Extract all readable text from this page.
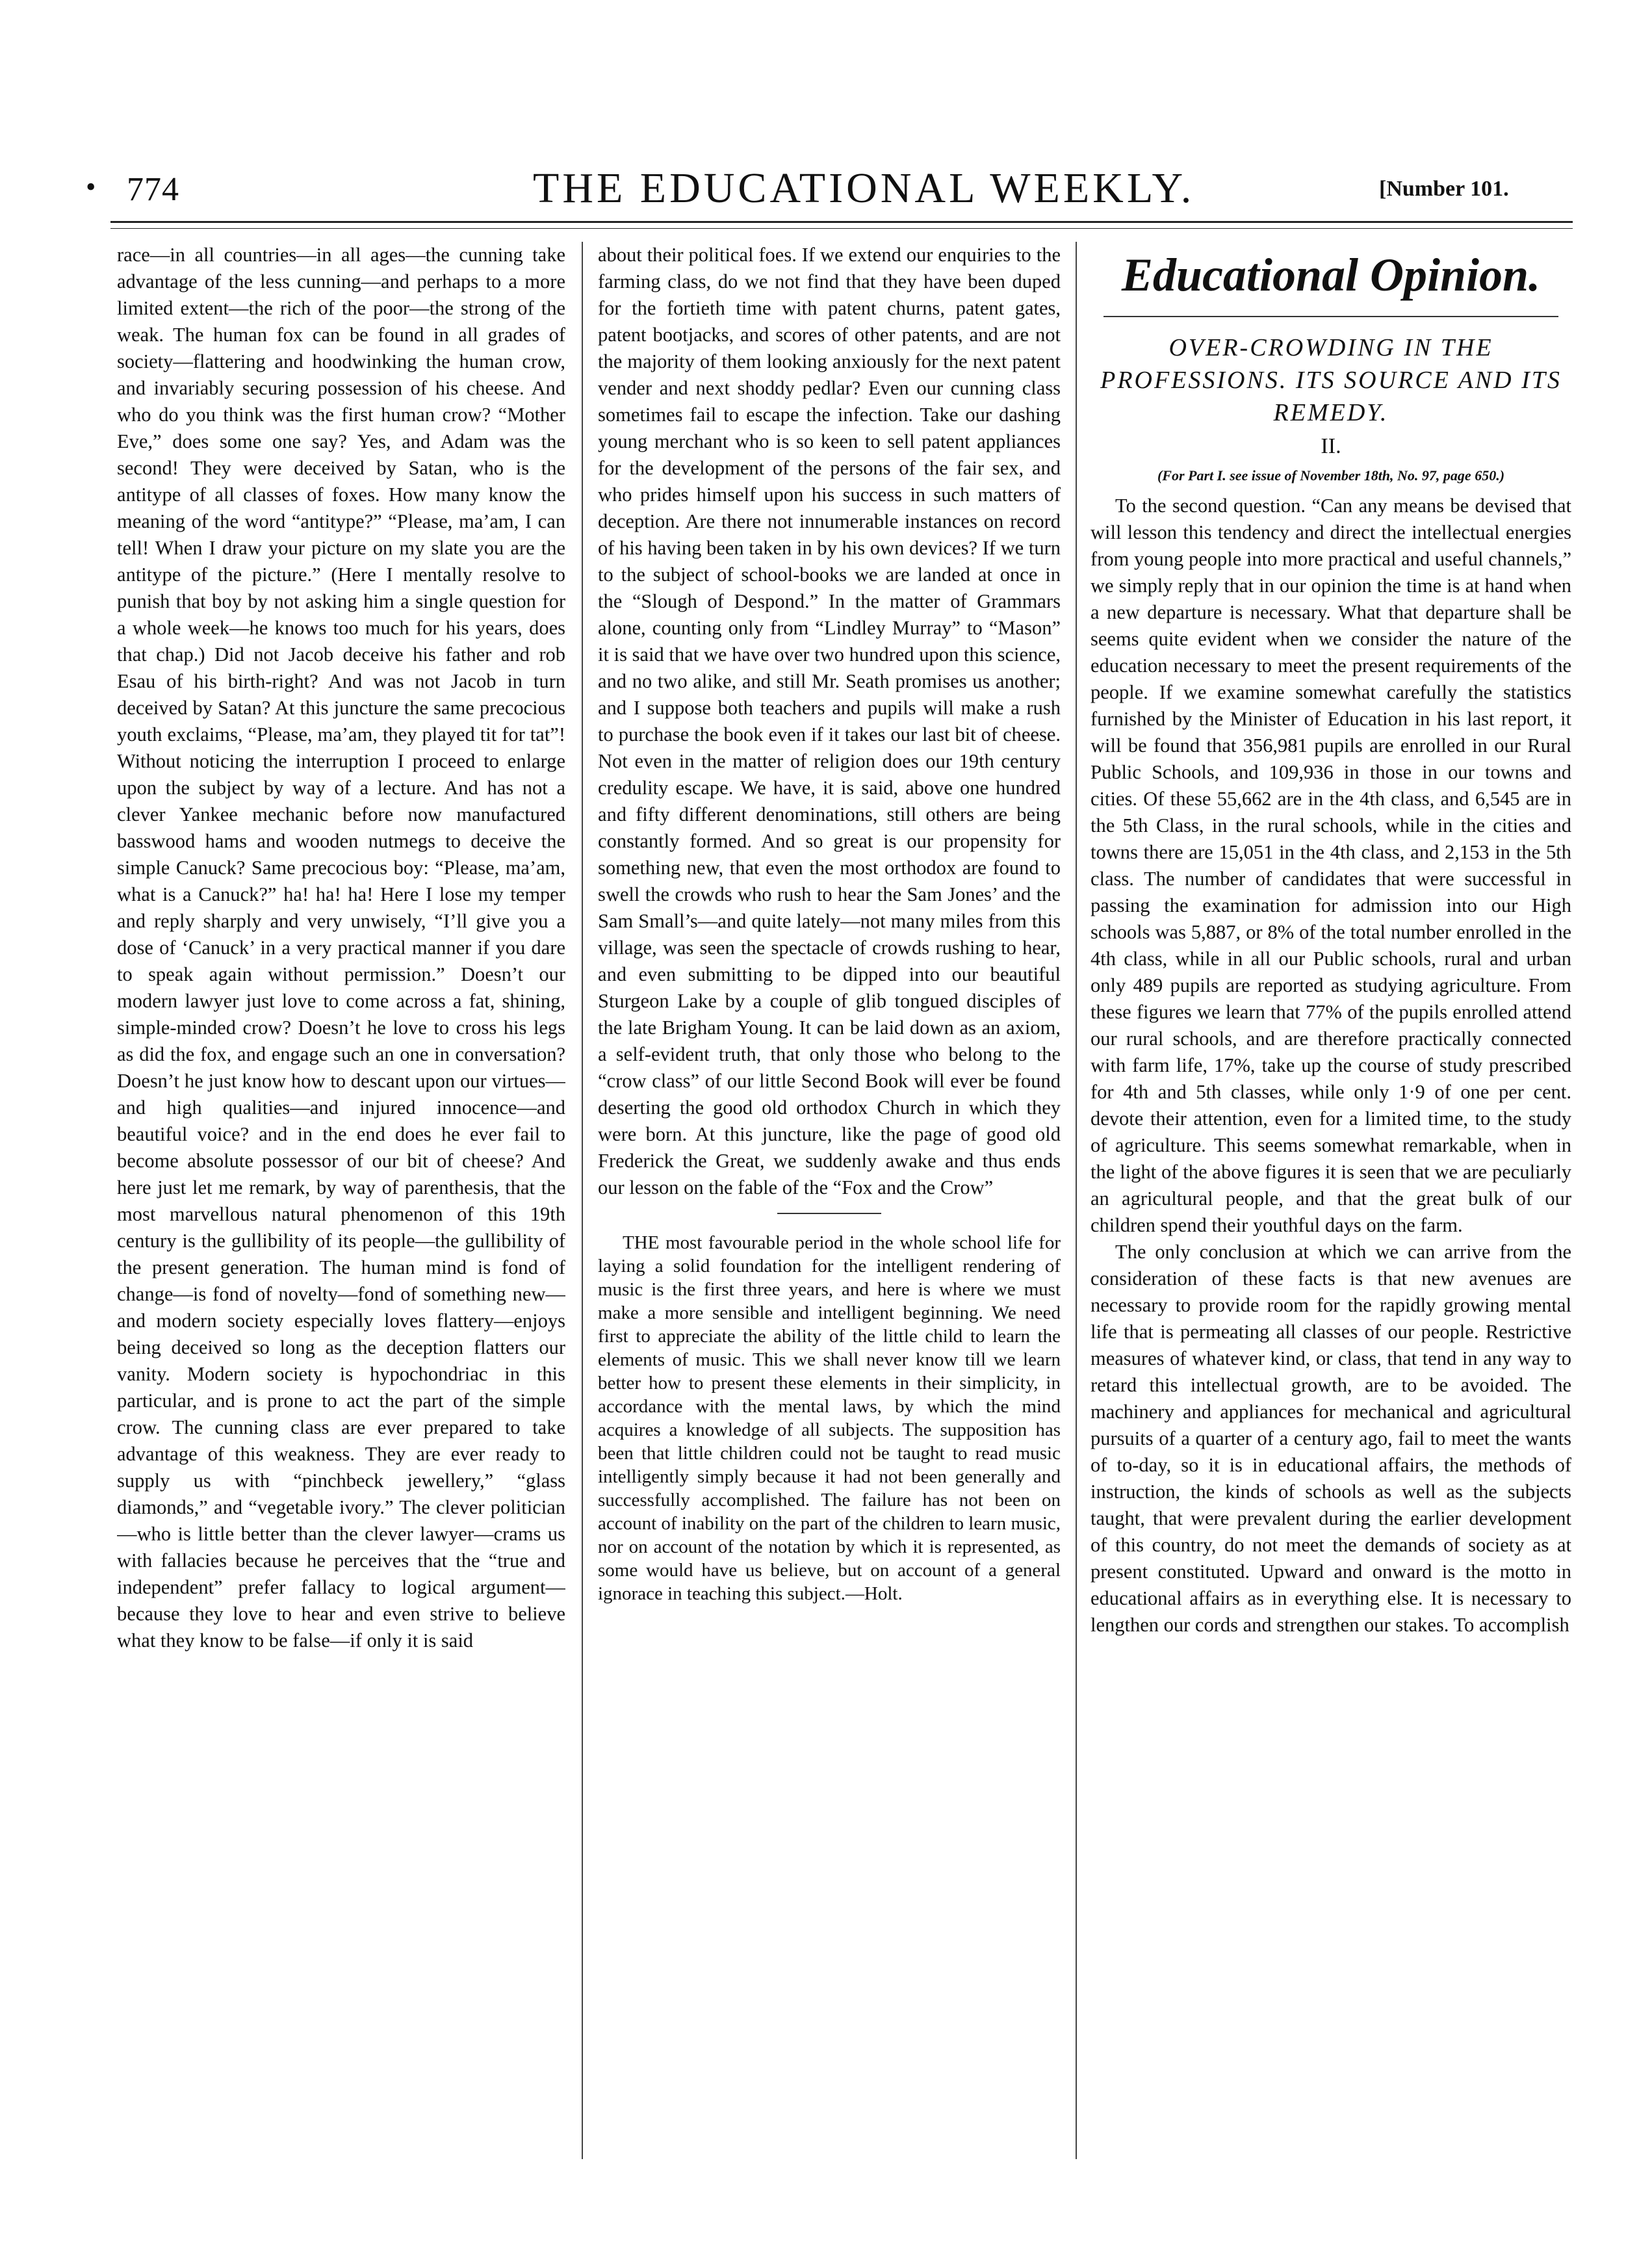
• 774	THE EDUCATIONAL WEEKLY.	[Number 101.

race—in all countries—in all ages—the cunning take advantage of the less cunning—and perhaps to a more limited extent—the rich of the poor—the strong of the weak. The human fox can be found in all grades of society—flattering and hoodwinking the human crow, and invariably securing possession of his cheese. And who do you think was the first human crow? “Mother Eve,” does some one say? Yes, and Adam was the second! They were deceived by Satan, who is the antitype of all classes of foxes. How many know the meaning of the word “antitype?” “Please, ma’am, I can tell! When I draw your picture on my slate you are the antitype of the picture.” (Here I mentally resolve to punish that boy by not asking him a single question for a whole week—he knows too much for his years, does that chap.) Did not Jacob deceive his father and rob Esau of his birth-right? And was not Jacob in turn deceived by Satan? At this juncture the same precocious youth exclaims, “Please, ma’am, they played tit for tat”! Without noticing the interruption I proceed to enlarge upon the subject by way of a lecture. And has not a clever Yankee mechanic before now manufactured basswood hams and wooden nutmegs to deceive the simple Canuck? Same precocious boy: “Please, ma’am, what is a Canuck?” ha! ha! ha! Here I lose my temper and reply sharply and very unwisely, “I’ll give you a dose of ‘Canuck’ in a very practical manner if you dare to speak again without permission.” Doesn’t our modern lawyer just love to come across a fat, shining, simple-minded crow? Doesn’t he love to cross his legs as did the fox, and engage such an one in conversation? Doesn’t he just know how to descant upon our virtues—and high qualities—and injured innocence—and beautiful voice? and in the end does he ever fail to become absolute possessor of our bit of cheese? And here just let me remark, by way of parenthesis, that the most marvellous natural phenomenon of this 19th century is the gullibility of its people—the gullibility of the present generation. The human mind is fond of change—is fond of novelty—fond of something new—and modern society especially loves flattery—enjoys being deceived so long as the deception flatters our vanity. Modern society is hypochondriac in this particular, and is prone to act the part of the simple crow. The cunning class are ever prepared to take advantage of this weakness. They are ever ready to supply us with “pinchbeck jewellery,” “glass diamonds,” and “vegetable ivory.” The clever politician—who is little better than the clever lawyer—crams us with fallacies because he perceives that the “true and independent” prefer fallacy to logical argument—because they love to hear and even strive to believe what they know to be false—if only it is said

about their political foes. If we extend our enquiries to the farming class, do we not find that they have been duped for the fortieth time with patent churns, patent gates, patent bootjacks, and scores of other patents, and are not the majority of them looking anxiously for the next patent vender and next shoddy pedlar? Even our cunning class sometimes fail to escape the infection. Take our dashing young merchant who is so keen to sell patent appliances for the development of the persons of the fair sex, and who prides himself upon his success in such matters of deception. Are there not innumerable instances on record of his having been taken in by his own devices? If we turn to the subject of school-books we are landed at once in the “Slough of Despond.” In the matter of Grammars alone, counting only from “Lindley Murray” to “Mason” it is said that we have over two hundred upon this science, and no two alike, and still Mr. Seath promises us another; and I suppose both teachers and pupils will make a rush to purchase the book even if it takes our last bit of cheese. Not even in the matter of religion does our 19th century credulity escape. We have, it is said, above one hundred and fifty different denominations, still others are being constantly formed. And so great is our propensity for something new, that even the most orthodox are found to swell the crowds who rush to hear the Sam Jones’ and the Sam Small’s—and quite lately—not many miles from this village, was seen the spectacle of crowds rushing to hear, and even submitting to be dipped into our beautiful Sturgeon Lake by a couple of glib tongued disciples of the late Brigham Young. It can be laid down as an axiom, a self-evident truth, that only those who belong to the “crow class” of our little Second Book will ever be found deserting the good old orthodox Church in which they were born. At this juncture, like the page of good old Frederick the Great, we suddenly awake and thus ends our lesson on the fable of the “Fox and the Crow”

THE most favourable period in the whole school life for laying a solid foundation for the intelligent rendering of music is the first three years, and here is where we must make a more sensible and intelligent beginning. We need first to appreciate the ability of the little child to learn the elements of music. This we shall never know till we learn better how to present these elements in their simplicity, in accordance with the mental laws, by which the mind acquires a knowledge of all subjects. The supposition has been that little children could not be taught to read music intelligently simply because it had not been generally and successfully accomplished. The failure has not been on account of inability on the part of the children to learn music, nor on account of the notation by which it is represented, as some would have us believe, but on account of a general ignorace in teaching this subject.—Holt.

Educational Opinion.
OVER-CROWDING IN THE PROFESSIONS. ITS SOURCE AND ITS REMEDY.
II.
(For Part I. see issue of November 18th, No. 97, page 650.)

To the second question. “Can any means be devised that will lesson this tendency and direct the intellectual energies from young people into more practical and useful channels,” we simply reply that in our opinion the time is at hand when a new departure is necessary. What that departure shall be seems quite evident when we consider the nature of the education necessary to meet the present requirements of the people. If we examine somewhat carefully the statistics furnished by the Minister of Education in his last report, it will be found that 356,981 pupils are enrolled in our Rural Public Schools, and 109,936 in those in our towns and cities. Of these 55,662 are in the 4th class, and 6,545 are in the 5th Class, in the rural schools, while in the cities and towns there are 15,051 in the 4th class, and 2,153 in the 5th class. The number of candidates that were successful in passing the examination for admission into our High schools was 5,887, or 8% of the total number enrolled in the 4th class, while in all our Public schools, rural and urban only 489 pupils are reported as studying agriculture. From these figures we learn that 77% of the pupils enrolled attend our rural schools, and are therefore practically connected with farm life, 17%, take up the course of study prescribed for 4th and 5th classes, while only 1·9 of one per cent. devote their attention, even for a limited time, to the study of agriculture. This seems somewhat remarkable, when in the light of the above figures it is seen that we are peculiarly an agricultural people, and that the great bulk of our children spend their youthful days on the farm.

The only conclusion at which we can arrive from the consideration of these facts is that new avenues are necessary to provide room for the rapidly growing mental life that is permeating all classes of our people. Restrictive measures of whatever kind, or class, that tend in any way to retard this intellectual growth, are to be avoided. The machinery and appliances for mechanical and agricultural pursuits of a quarter of a century ago, fail to meet the wants of to-day, so it is in educational affairs, the methods of instruction, the kinds of schools as well as the subjects taught, that were prevalent during the earlier development of this country, do not meet the demands of society as at present constituted. Upward and onward is the motto in educational affairs as in everything else. It is necessary to lengthen our cords and strengthen our stakes. To accomplish
